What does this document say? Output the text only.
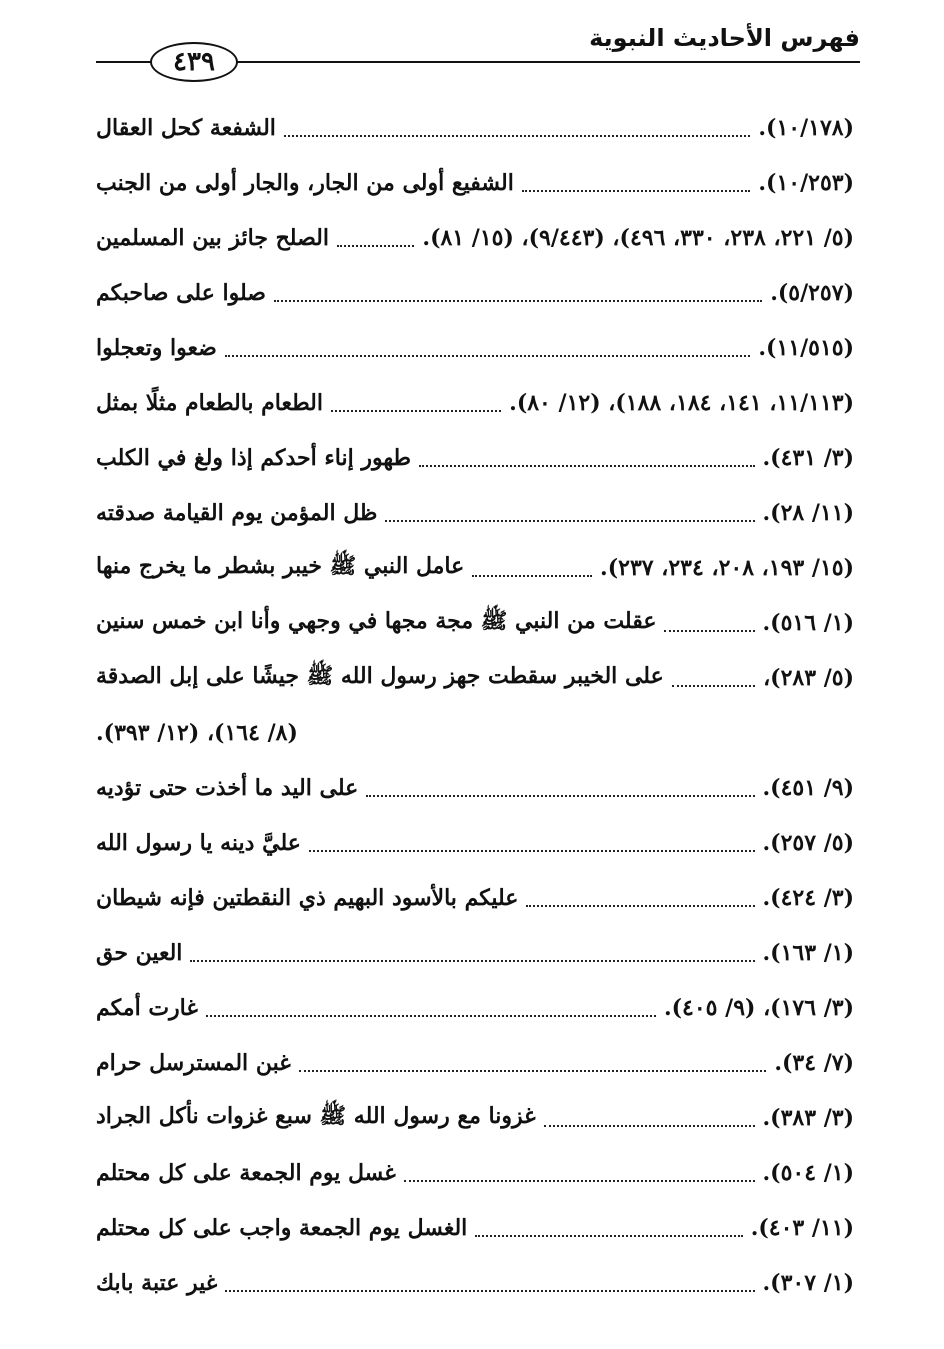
فهرس الأحاديث النبوية
٤٣٩
الشفعة كحل العقال	(١٠/١٧٨).
الشفيع أولى من الجار، والجار أولى من الجنب	(١٠/٢٥٣).
الصلح جائز بين المسلمين	(٥/ ٢٢١، ٢٣٨، ٣٣٠، ٤٩٦)، (٩/٤٤٣)، (١٥/ ٨١).
صلوا على صاحبكم	(٥/٢٥٧).
ضعوا وتعجلوا	(١١/٥١٥).
الطعام بالطعام مثلًا بمثل	(١١/١١٣، ١٤١، ١٨٤، ١٨٨)، (١٢/ ٨٠).
طهور إناء أحدكم إذا ولغ في الكلب	(٣/ ٤٣١).
ظل المؤمن يوم القيامة صدقته	(١١/ ٢٨).
عامل النبي ﷺ خيبر بشطر ما يخرج منها	(١٥/ ١٩٣، ٢٠٨، ٢٣٤، ٢٣٧).
عقلت من النبي ﷺ مجة مجها في وجهي وأنا ابن خمس سنين	(١/ ٥١٦).
على الخيبر سقطت جهز رسول الله ﷺ جيشًا على إبل الصدقة	(٥/ ٢٨٣)،
(٨/ ١٦٤)، (١٢/ ٣٩٣).
على اليد ما أخذت حتى تؤديه	(٩/ ٤٥١).
عليَّ دينه يا رسول الله	(٥/ ٢٥٧).
عليكم بالأسود البهيم ذي النقطتين فإنه شيطان	(٣/ ٤٢٤).
العين حق	(١/ ١٦٣).
غارت أمكم	(٣/ ١٧٦)، (٩/ ٤٠٥).
غبن المسترسل حرام	(٧/ ٣٤).
غزونا مع رسول الله ﷺ سبع غزوات نأكل الجراد	(٣/ ٣٨٣).
غسل يوم الجمعة على كل محتلم	(١/ ٥٠٤).
الغسل يوم الجمعة واجب على كل محتلم	(١١/ ٤٠٣).
غير عتبة بابك	(١/ ٣٠٧).
